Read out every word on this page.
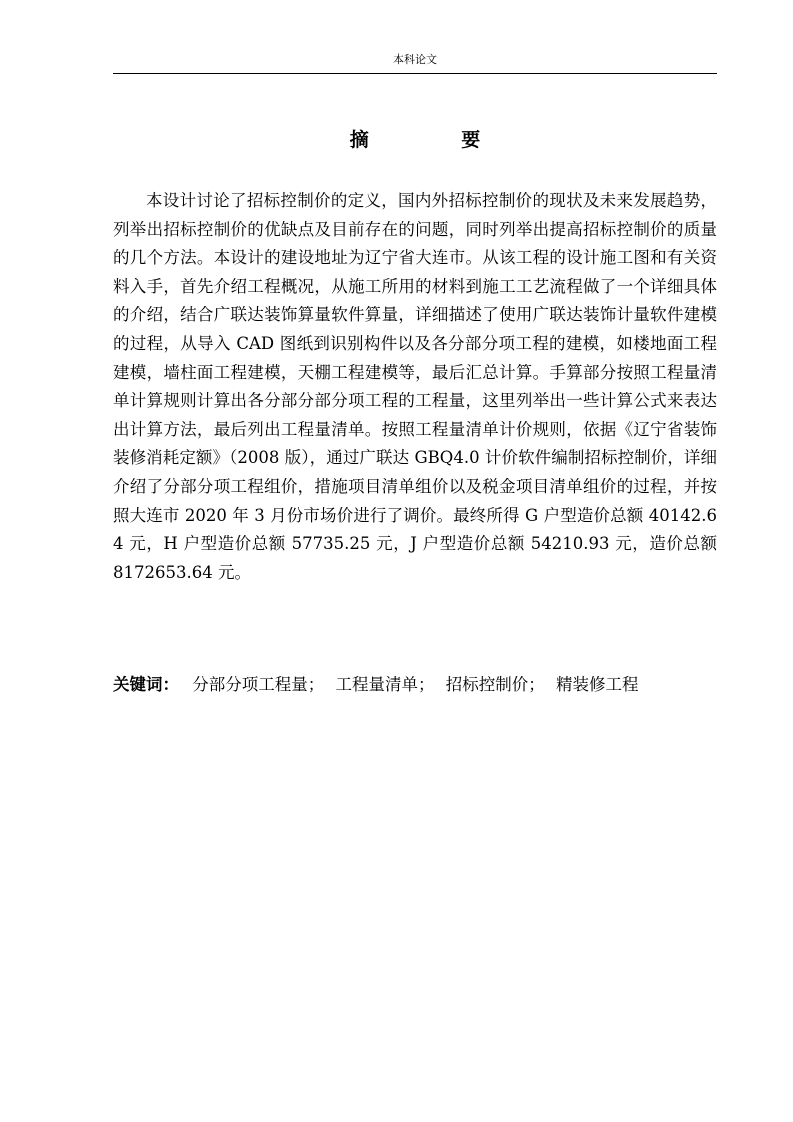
本科论文
摘 要

本设计讨论了招标控制价的定义，国内外招标控制价的现状及未来发展趋势，列举出招标控制价的优缺点及目前存在的问题，同时列举出提高招标控制价的质量的几个方法。本设计的建设地址为辽宁省大连市。从该工程的设计施工图和有关资料入手，首先介绍工程概况，从施工所用的材料到施工工艺流程做了一个详细具体的介绍，结合广联达装饰算量软件算量，详细描述了使用广联达装饰计量软件建模的过程，从导入 CAD 图纸到识别构件以及各分部分项工程的建模，如楼地面工程建模，墙柱面工程建模，天棚工程建模等，最后汇总计算。手算部分按照工程量清单计算规则计算出各分部分部分项工程的工程量，这里列举出一些计算公式来表达出计算方法，最后列出工程量清单。按照工程量清单计价规则，依据《辽宁省装饰装修消耗定额》（2008 版），通过广联达 GBQ4.0 计价软件编制招标控制价，详细介绍了分部分项工程组价，措施项目清单组价以及税金项目清单组价的过程，并按照大连市 2020 年 3 月份市场价进行了调价。最终所得 G 户型造价总额 40142.64 元，H 户型造价总额 57735.25 元，J 户型造价总额 54210.93 元，造价总额 8172653.64 元。

关键词： 分部分项工程量； 工程量清单； 招标控制价； 精装修工程
